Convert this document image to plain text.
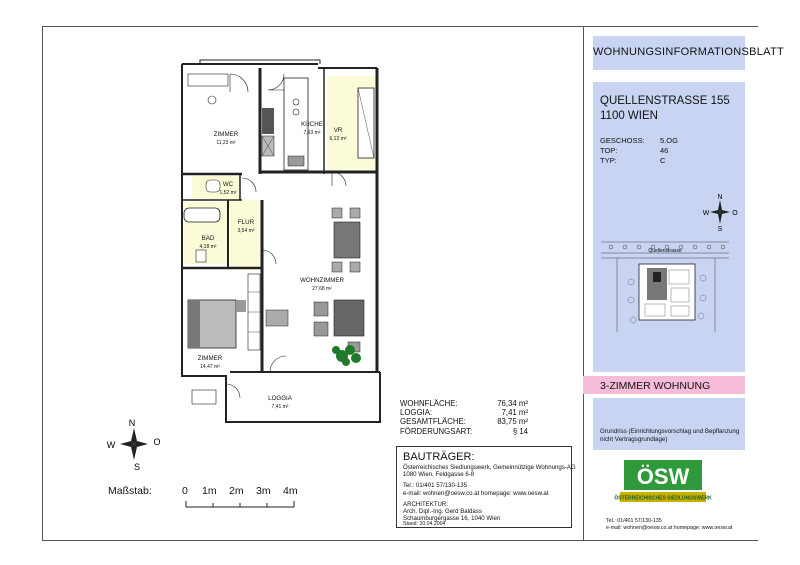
WOHNUNGSINFORMATIONSBLATT
QUELLENSTRASSE 155
1100 WIEN
GESCHOSS: 5.OG
TOP:	46
TYP:	C
N
W	O
S
Quellenstrasse
3-ZIMMER WOHNUNG
Grundriss (Einrichtungsvorschlag und Bepflanzung nicht Vertragsgrundlage)
ÖSW
ÖSTERREICHISCHES SIEDLUNGSWERK
Tel.: 01/401 57/130-135
e-mail: wohnen@oesw.co.at homepage: www.oesw.at
ZIMMER
11,23 m²
KÜCHE
7,93 m² VR
6,12 m²
WC
1,52 m²
FLUR
3,54 m²
BAD
4,18 m²
WOHNZIMMER
27,68 m²
ZIMMER
14,47 m²
LOGGIA
7,41 m²	WOHNFLÄCHE:	76,34 m²
LOGGIA:	7,41 m²
GESAMTFLÄCHE:	83,75 m²
FÖRDERUNGSART:	§ 14
BAUTRÄGER:
Österreichisches Siedlungswerk, Gemeinnützige Wohnungs-AG
1080 Wien, Feldgasse 6-8
Tel.: 01/401 57/130-135
e-mail: wohnen@oesw.co.at homepage: www.oesw.at
ARCHITEKTUR:
Arch. Dipl.-Ing. Gerd Baldass
Schaumburgergasse 16, 1040 Wien
Stand: 20.04.2004
N
W	O
S
Maßstab:	0 1m 2m 3m 4m
